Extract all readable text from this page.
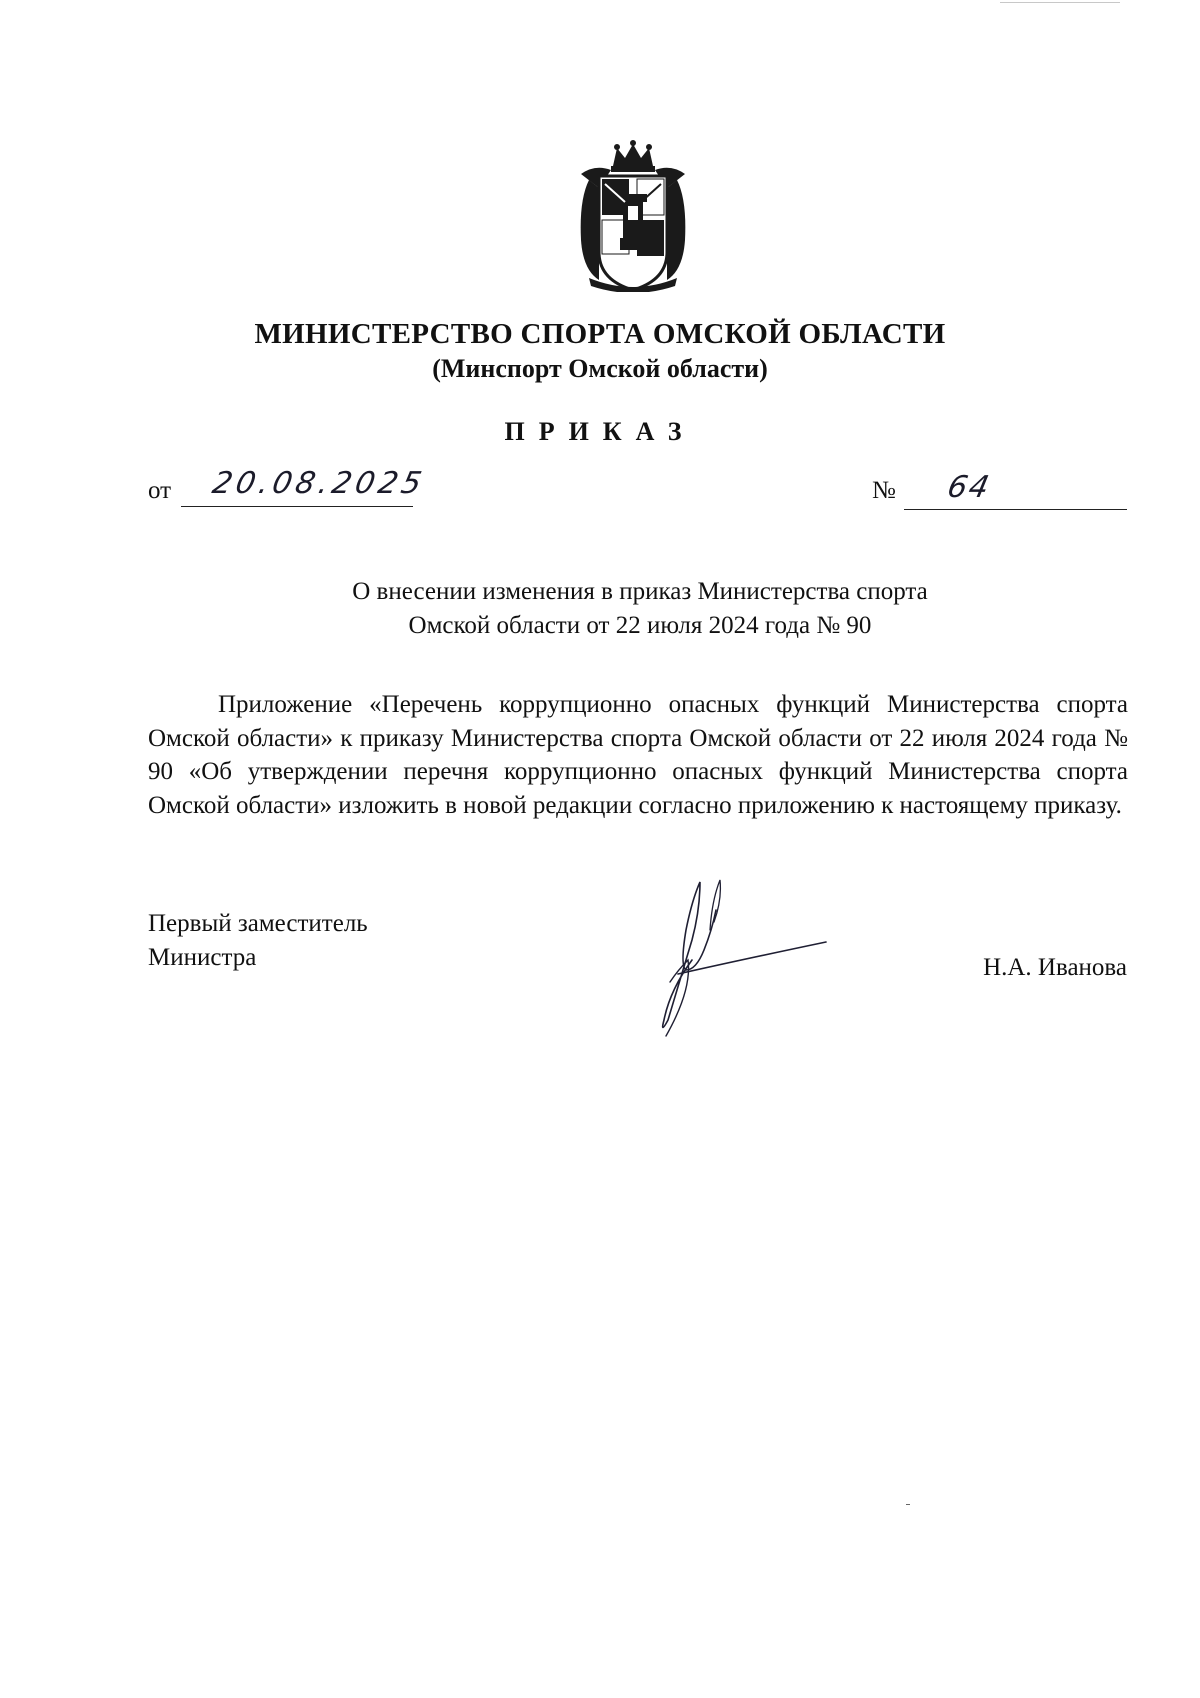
МИНИСТЕРСТВО СПОРТА ОМСКОЙ ОБЛАСТИ
(Минспорт Омской области)
ПРИКАЗ
от 20.08.2025	№ 64
О внесении изменения в приказ Министерства спорта
Омской области от 22 июля 2024 года № 90
Приложение «Перечень коррупционно опасных функций Министерства спорта Омской области» к приказу Министерства спорта Омской области от 22 июля 2024 года № 90 «Об утверждении перечня коррупционно опасных функций Министерства спорта Омской области» изложить в новой редакции согласно приложению к настоящему приказу.
Первый заместитель
Министра	Н.А. Иванова
